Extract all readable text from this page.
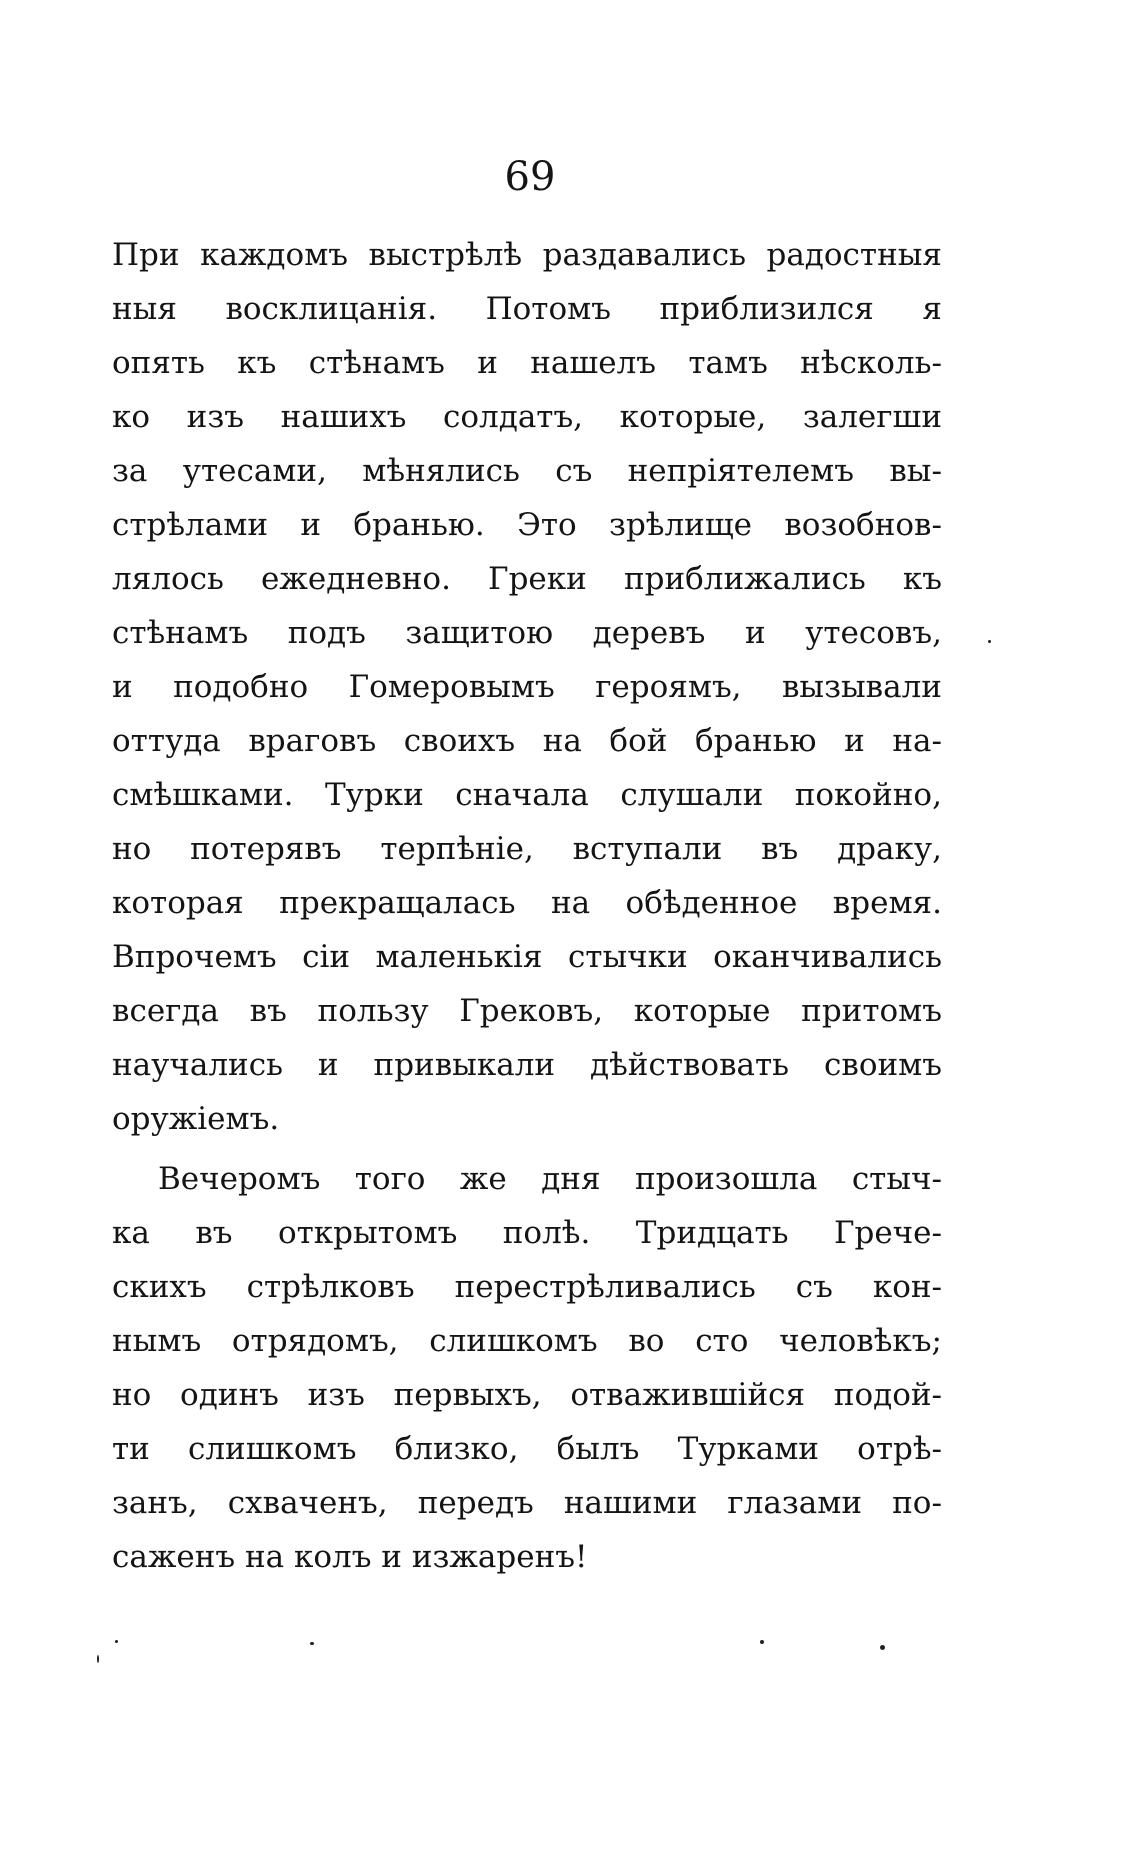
69
При каждомъ выстрѣлѣ раздавались радостныя
ныя восклицанія. Потомъ приблизился я
опять къ стѣнамъ и нашелъ тамъ нѣсколь-
ко изъ нашихъ солдатъ, которые, залегши
за утесами, мѣнялись съ непріятелемъ вы-
стрѣлами и бранью. Это зрѣлище возобнов-
лялось ежедневно. Греки приближались къ
стѣнамъ подъ защитою деревъ и утесовъ,
и подобно Гомеровымъ героямъ, вызывали
оттуда враговъ своихъ на бой бранью и на-
смѣшками. Турки сначала слушали покойно,
но потерявъ терпѣніе, вступали въ драку,
которая прекращалась на обѣденное время.
Впрочемъ сіи маленькія стычки оканчивались
всегда въ пользу Грековъ, которые притомъ
научались и привыкали дѣйствовать своимъ
оружіемъ.

Вечеромъ того же дня произошла стыч-
ка въ открытомъ полѣ. Тридцать Грече-
скихъ стрѣлковъ перестрѣливались съ кон-
нымъ отрядомъ, слишкомъ во сто человѣкъ;
но одинъ изъ первыхъ, отважившiйся подой-
ти слишкомъ близко, былъ Турками отрѣ-
занъ, схваченъ, передъ нашими глазами по-
саженъ
на
колъ
и
изжаренъ!
